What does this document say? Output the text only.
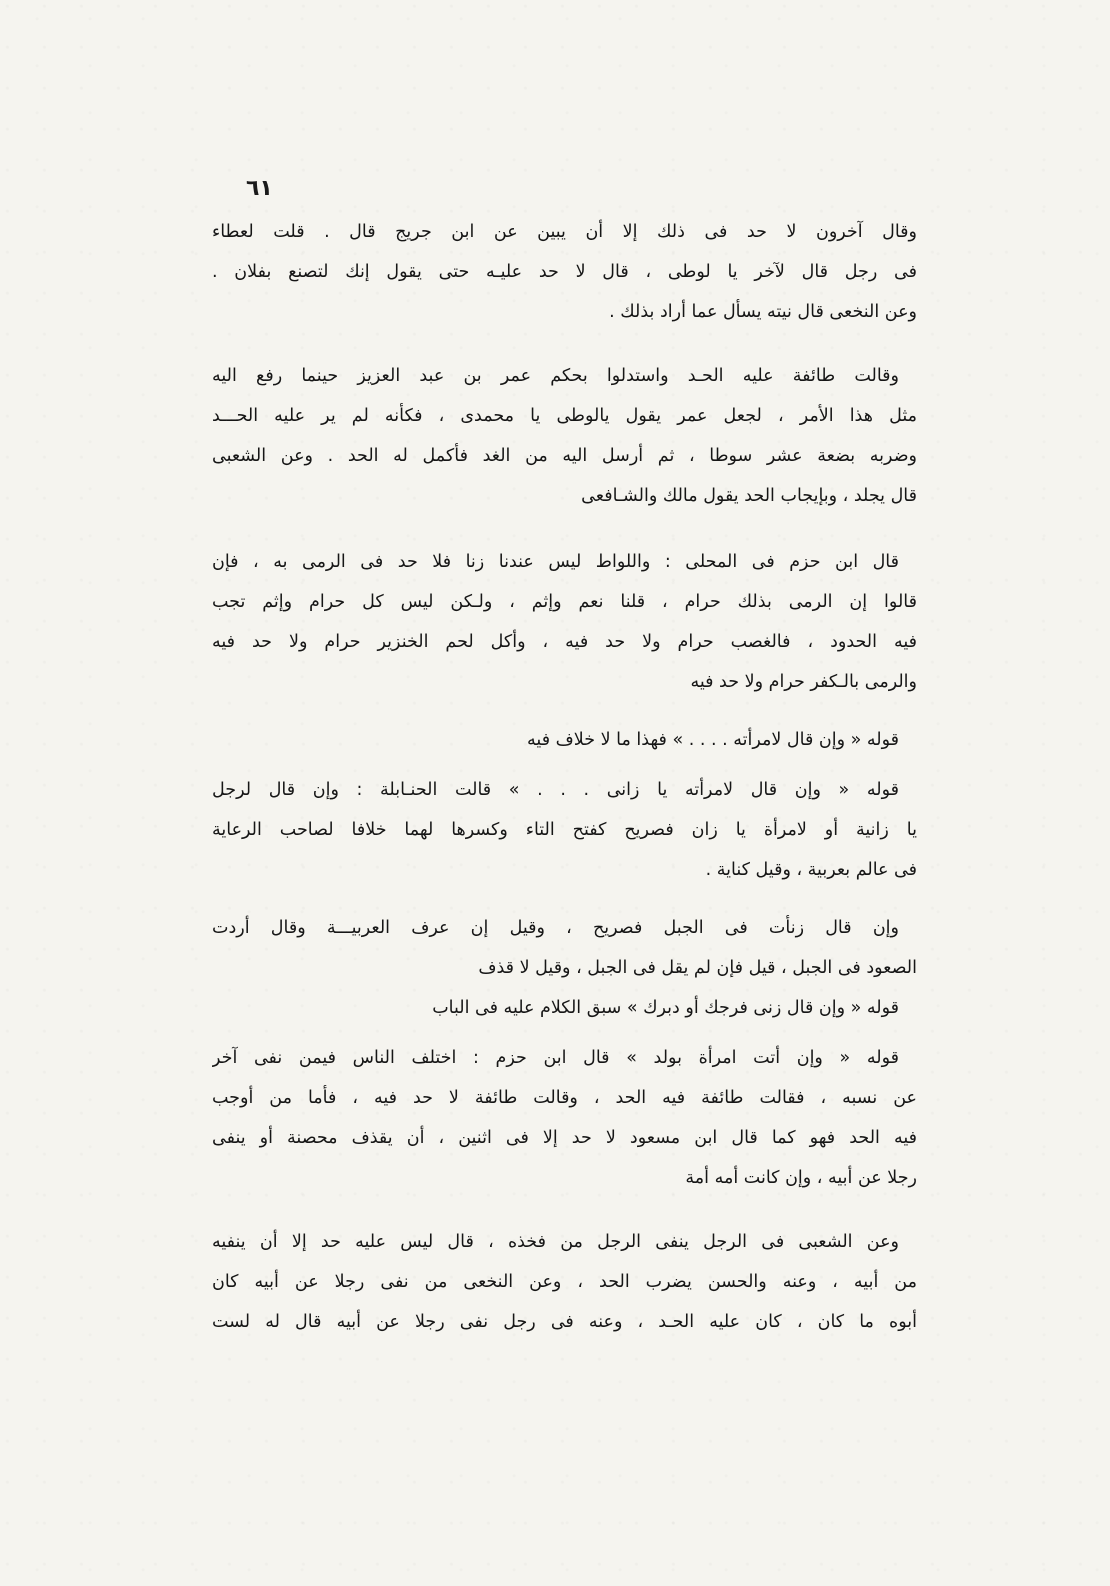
٦١
وقال آخرون لا حد فى ذلك إلا أن يبين عن ابن جريج قال . قلت لعطاء
فى رجل قال لآخر يا لوطى ، قال لا حد عليـه حتى يقول إنك لتصنع بفلان .
وعن النخعى قال نيته يسأل عما أراد بذلك .
وقالت طائفة عليه الحـد واستدلوا بحكم عمر بن عبد العزيز حينما رفع اليه
مثل هذا الأمر ، لجعل عمر يقول يالوطى يا محمدى ، فكأنه لم ير عليه الحـــد
وضربه بضعة عشر سوطا ، ثم أرسل اليه من الغد فأكمل له الحد . وعن الشعبى
قال يجلد ، وبإيجاب الحد يقول مالك والشـافعى
قال ابن حزم فى المحلى : واللواط ليس عندنا زنا فلا حد فى الرمى به ، فإن
قالوا إن الرمى بذلك حرام ، قلنا نعم وإثم ، ولـكن ليس كل حرام وإثم تجب
فيه الحدود ، فالغصب حرام ولا حد فيه ، وأكل لحم الخنزير حرام ولا حد فيه
والرمى بالـكفر حرام ولا حد فيه
قوله « وإن قال لامرأته . . . . » فهذا ما لا خلاف فيه
قوله « وإن قال لامرأته يا زانى . . . » قالت الحنـابلة : وإن قال لرجل
يا زانية أو لامرأة يا زان فصريح كفتح التاء وكسرها لهما خلافا لصاحب الرعاية
فى عالم بعربية ، وقيل كناية .
وإن قال زنأت فى الجبل فصريح ، وقيل إن عرف العربيـــة وقال أردت
الصعود فى الجبل ، قيل فإن لم يقل فى الجبل ، وقيل لا قذف
قوله « وإن قال زنى فرجك أو دبرك » سبق الكلام عليه فى الباب
قوله « وإن أتت امرأة بولد » قال ابن حزم : اختلف الناس فيمن نفى آخر
عن نسبه ، فقالت طائفة فيه الحد ، وقالت طائفة لا حد فيه ، فأما من أوجب
فيه الحد فهو كما قال ابن مسعود لا حد إلا فى اثنين ، أن يقذف محصنة أو ينفى
رجلا عن أبيه ، وإن كانت أمه أمة
وعن الشعبى فى الرجل ينفى الرجل من فخذه ، قال ليس عليه حد إلا أن ينفيه
من أبيه ، وعنه والحسن يضرب الحد ، وعن النخعى من نفى رجلا عن أبيه كان
أبوه ما كان ، كان عليه الحـد ، وعنه فى رجل نفى رجلا عن أبيه قال له لست
